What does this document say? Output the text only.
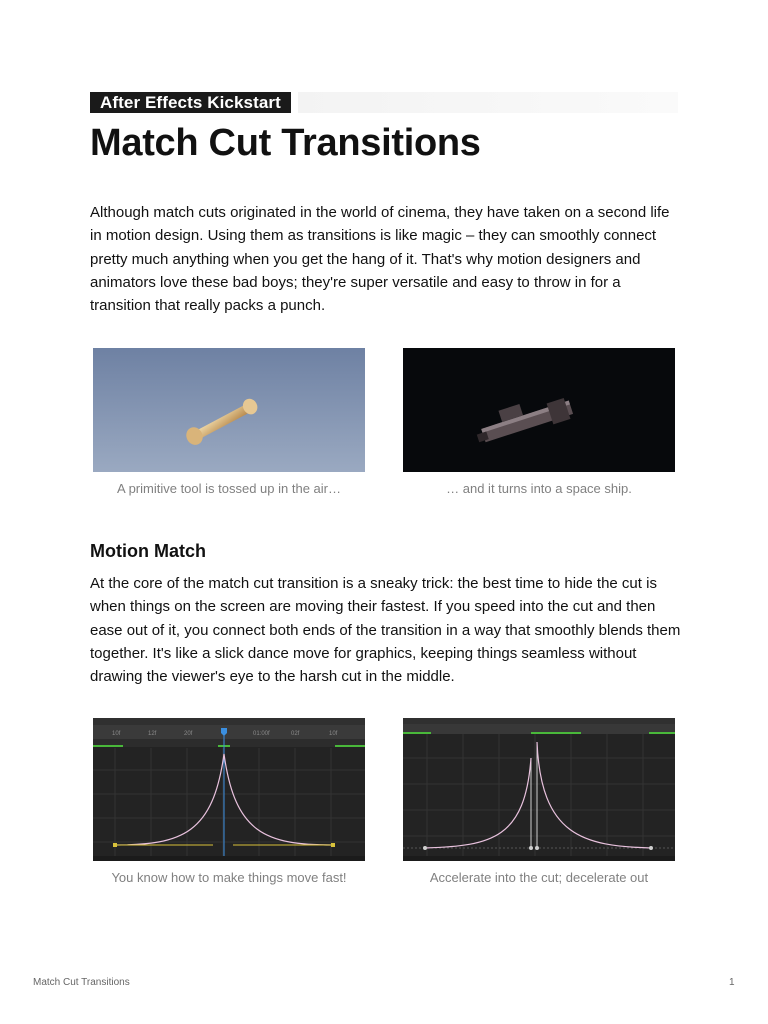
After Effects Kickstart
Match Cut Transitions

Although match cuts originated in the world of cinema, they have taken on a second life in motion design. Using them as transitions is like magic – they can smoothly connect pretty much anything when you get the hang of it. That's why motion designers and animators love these bad boys; they're super versatile and easy to throw in for a transition that really packs a punch.

A primitive tool is tossed up in the air…	… and it turns into a space ship.
Motion Match

At the core of the match cut transition is a sneaky trick: the best time to hide the cut is when things on the screen are moving their fastest. If you speed into the cut and then ease out of it, you connect both ends of the transition in a way that smoothly blends them together. It's like a slick dance move for graphics, keeping things seamless without drawing the viewer's eye to the harsh cut in the middle.

10f	12f	20f	01:00f	02f	10f
You know how to make things move fast!	Accelerate into the cut; decelerate out
Match Cut Transitions	1
